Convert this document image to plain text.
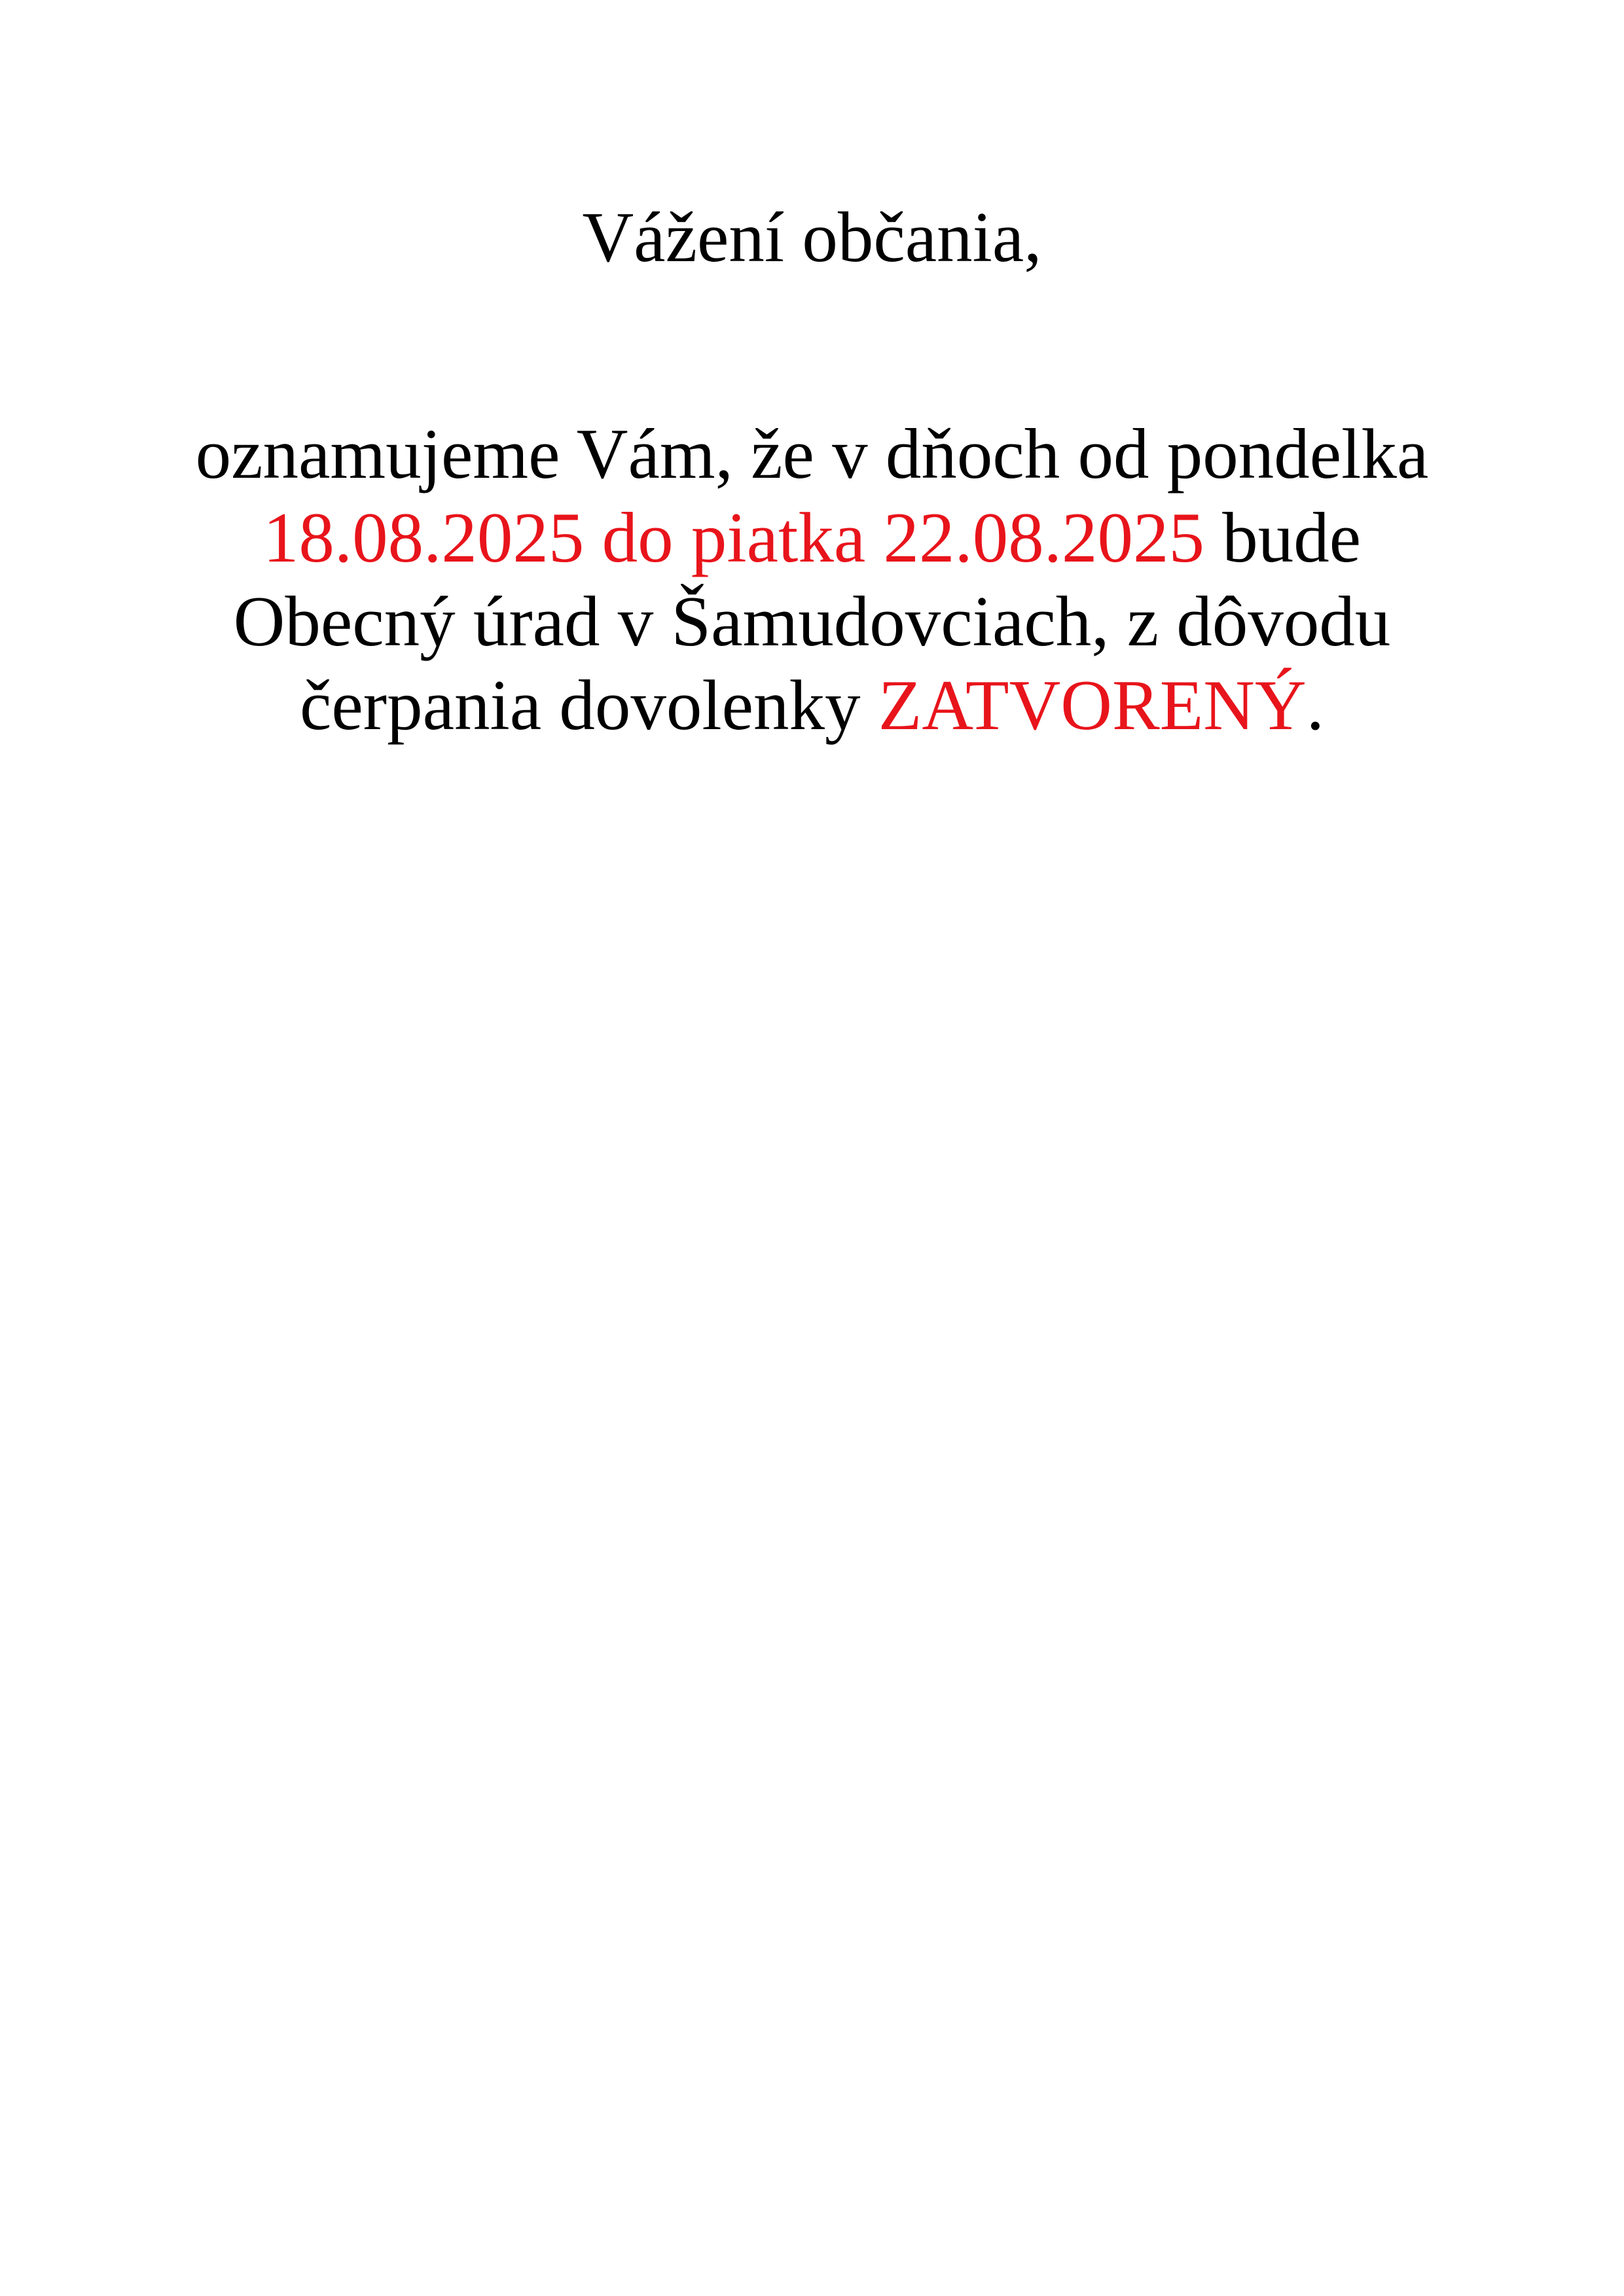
Vážení občania,
oznamujeme Vám, že v dňoch od pondelka
18.08.2025 do piatka 22.08.2025 bude
Obecný úrad v Šamudovciach, z dôvodu
čerpania dovolenky ZATVORENÝ.
